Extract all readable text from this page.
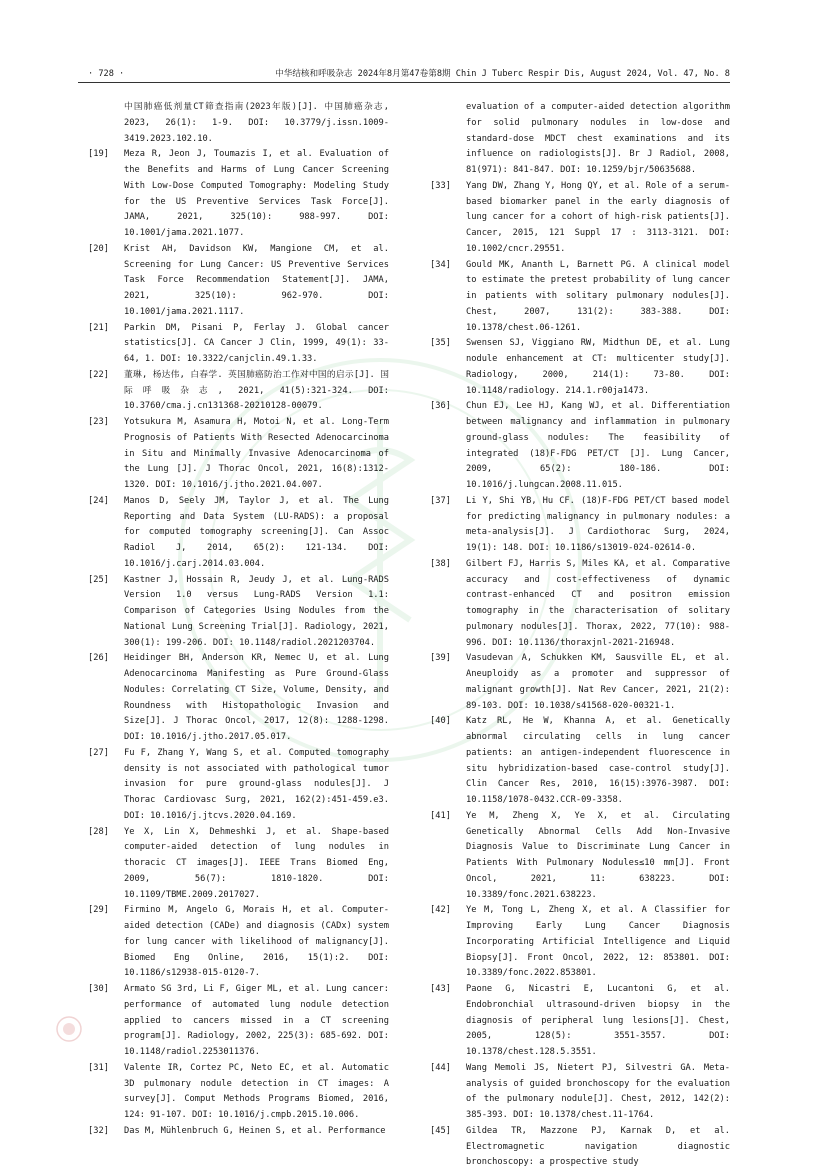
· 728 ·	中华结核和呼吸杂志 2024年8月第47卷第8期 Chin J Tuberc Respir Dis, August 2024, Vol. 47, No. 8
中国肺癌低剂量CT筛查指南(2023年版)[J]. 中国肺癌杂志, 2023, 26(1): 1-9. DOI: 10.3779/j.issn.1009-3419.2023.102.10.
[19]	Meza R, Jeon J, Toumazis I, et al. Evaluation of the Benefits and Harms of Lung Cancer Screening With Low-Dose Computed Tomography: Modeling Study for the US Preventive Services Task Force[J]. JAMA, 2021, 325(10): 988-997. DOI: 10.1001/jama.2021.1077.
[20]	Krist AH, Davidson KW, Mangione CM, et al. Screening for Lung Cancer: US Preventive Services Task Force Recommendation Statement[J]. JAMA, 2021, 325(10): 962-970. DOI: 10.1001/jama.2021.1117.
[21]	Parkin DM, Pisani P, Ferlay J. Global cancer statistics[J]. CA Cancer J Clin, 1999, 49(1): 33-64, 1. DOI: 10.3322/canjclin.49.1.33.
[22]	董琳, 杨达伟, 白春学. 英国肺癌防治工作对中国的启示[J]. 国际呼吸杂志, 2021, 41(5):321-324. DOI: 10.3760/cma.j.cn131368-20210128-00079.
[23]	Yotsukura M, Asamura H, Motoi N, et al. Long-Term Prognosis of Patients With Resected Adenocarcinoma in Situ and Minimally Invasive Adenocarcinoma of the Lung [J]. J Thorac Oncol, 2021, 16(8):1312-1320. DOI: 10.1016/j.jtho.2021.04.007.
[24]	Manos D, Seely JM, Taylor J, et al. The Lung Reporting and Data System (LU-RADS): a proposal for computed tomography screening[J]. Can Assoc Radiol J, 2014, 65(2): 121-134. DOI: 10.1016/j.carj.2014.03.004.
[25]	Kastner J, Hossain R, Jeudy J, et al. Lung-RADS Version 1.0 versus Lung-RADS Version 1.1: Comparison of Categories Using Nodules from the National Lung Screening Trial[J]. Radiology, 2021, 300(1): 199-206. DOI: 10.1148/radiol.2021203704.
[26]	Heidinger BH, Anderson KR, Nemec U, et al. Lung Adenocarcinoma Manifesting as Pure Ground-Glass Nodules: Correlating CT Size, Volume, Density, and Roundness with Histopathologic Invasion and Size[J]. J Thorac Oncol, 2017, 12(8): 1288-1298. DOI: 10.1016/j.jtho.2017.05.017.
[27]	Fu F, Zhang Y, Wang S, et al. Computed tomography density is not associated with pathological tumor invasion for pure ground-glass nodules[J]. J Thorac Cardiovasc Surg, 2021, 162(2):451-459.e3. DOI: 10.1016/j.jtcvs.2020.04.169.
[28]	Ye X, Lin X, Dehmeshki J, et al. Shape-based computer-aided detection of lung nodules in thoracic CT images[J]. IEEE Trans Biomed Eng, 2009, 56(7): 1810-1820. DOI: 10.1109/TBME.2009.2017027.
[29]	Firmino M, Angelo G, Morais H, et al. Computer-aided detection (CADe) and diagnosis (CADx) system for lung cancer with likelihood of malignancy[J]. Biomed Eng Online, 2016, 15(1):2. DOI: 10.1186/s12938-015-0120-7.
[30]	Armato SG 3rd, Li F, Giger ML, et al. Lung cancer: performance of automated lung nodule detection applied to cancers missed in a CT screening program[J]. Radiology, 2002, 225(3): 685-692. DOI: 10.1148/radiol.2253011376.
[31]	Valente IR, Cortez PC, Neto EC, et al. Automatic 3D pulmonary nodule detection in CT images: A survey[J]. Comput Methods Programs Biomed, 2016, 124: 91-107. DOI: 10.1016/j.cmpb.2015.10.006.
[32]	Das M, Mühlenbruch G, Heinen S, et al. Performance
evaluation of a computer-aided detection algorithm for solid pulmonary nodules in low-dose and standard-dose MDCT chest examinations and its influence on radiologists[J]. Br J Radiol, 2008, 81(971): 841-847. DOI: 10.1259/bjr/50635688.
[33]	Yang DW, Zhang Y, Hong QY, et al. Role of a serum-based biomarker panel in the early diagnosis of lung cancer for a cohort of high-risk patients[J]. Cancer, 2015, 121 Suppl 17 : 3113-3121. DOI: 10.1002/cncr.29551.
[34]	Gould MK, Ananth L, Barnett PG. A clinical model to estimate the pretest probability of lung cancer in patients with solitary pulmonary nodules[J]. Chest, 2007, 131(2): 383-388. DOI: 10.1378/chest.06-1261.
[35]	Swensen SJ, Viggiano RW, Midthun DE, et al. Lung nodule enhancement at CT: multicenter study[J]. Radiology, 2000, 214(1): 73-80. DOI: 10.1148/radiology. 214.1.r00ja1473.
[36]	Chun EJ, Lee HJ, Kang WJ, et al. Differentiation between malignancy and inflammation in pulmonary ground-glass nodules: The feasibility of integrated (18)F-FDG PET/CT [J]. Lung Cancer, 2009, 65(2): 180-186. DOI: 10.1016/j.lungcan.2008.11.015.
[37]	Li Y, Shi YB, Hu CF. (18)F-FDG PET/CT based model for predicting malignancy in pulmonary nodules: a meta-analysis[J]. J Cardiothorac Surg, 2024, 19(1): 148. DOI: 10.1186/s13019-024-02614-0.
[38]	Gilbert FJ, Harris S, Miles KA, et al. Comparative accuracy and cost-effectiveness of dynamic contrast-enhanced CT and positron emission tomography in the characterisation of solitary pulmonary nodules[J]. Thorax, 2022, 77(10): 988-996. DOI: 10.1136/thoraxjnl-2021-216948.
[39]	Vasudevan A, Schukken KM, Sausville EL, et al. Aneuploidy as a promoter and suppressor of malignant growth[J]. Nat Rev Cancer, 2021, 21(2): 89-103. DOI: 10.1038/s41568-020-00321-1.
[40]	Katz RL, He W, Khanna A, et al. Genetically abnormal circulating cells in lung cancer patients: an antigen-independent fluorescence in situ hybridization-based case-control study[J]. Clin Cancer Res, 2010, 16(15):3976-3987. DOI: 10.1158/1078-0432.CCR-09-3358.
[41]	Ye M, Zheng X, Ye X, et al. Circulating Genetically Abnormal Cells Add Non-Invasive Diagnosis Value to Discriminate Lung Cancer in Patients With Pulmonary Nodules≤10 mm[J]. Front Oncol, 2021, 11: 638223. DOI: 10.3389/fonc.2021.638223.
[42]	Ye M, Tong L, Zheng X, et al. A Classifier for Improving Early Lung Cancer Diagnosis Incorporating Artificial Intelligence and Liquid Biopsy[J]. Front Oncol, 2022, 12: 853801. DOI: 10.3389/fonc.2022.853801.
[43]	Paone G, Nicastri E, Lucantoni G, et al. Endobronchial ultrasound-driven biopsy in the diagnosis of peripheral lung lesions[J]. Chest, 2005, 128(5): 3551-3557. DOI: 10.1378/chest.128.5.3551.
[44]	Wang Memoli JS, Nietert PJ, Silvestri GA. Meta-analysis of guided bronchoscopy for the evaluation of the pulmonary nodule[J]. Chest, 2012, 142(2): 385-393. DOI: 10.1378/chest.11-1764.
[45]	Gildea TR, Mazzone PJ, Karnak D, et al. Electromagnetic navigation diagnostic bronchoscopy: a prospective study
